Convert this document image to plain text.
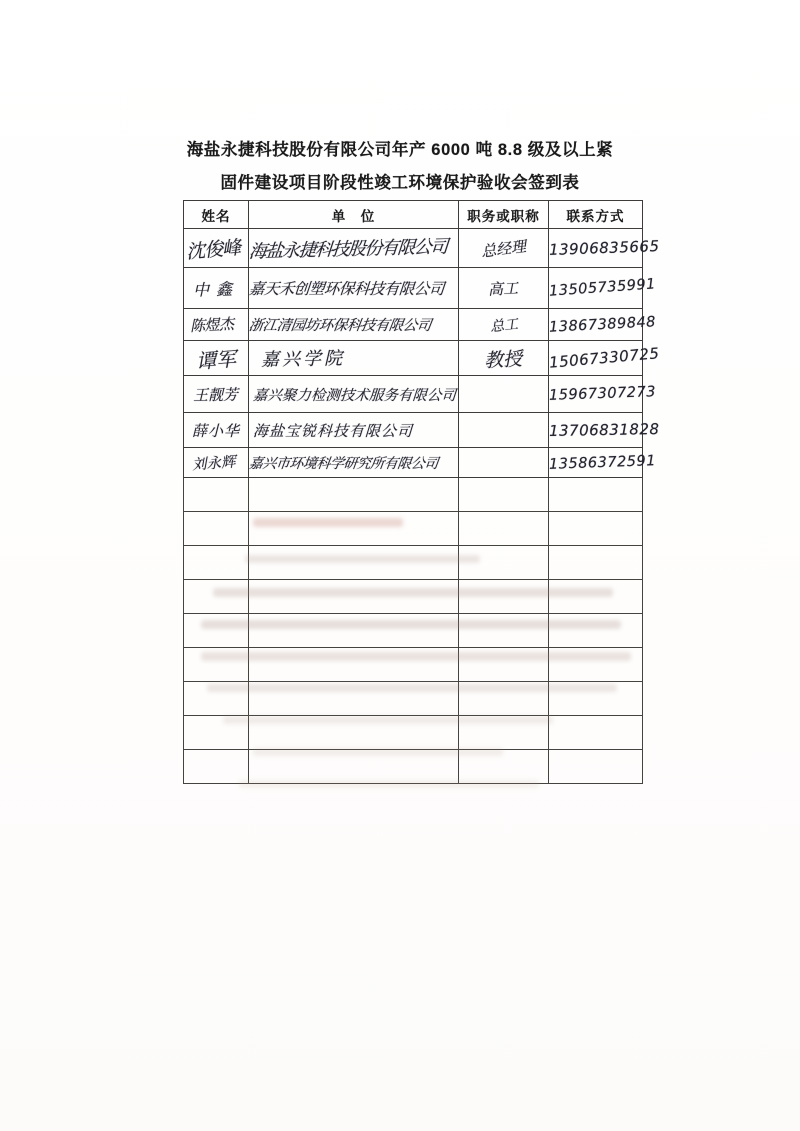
海盐永捷科技股份有限公司年产 6000 吨 8.8 级及以上紧
固件建设项目阶段性竣工环境保护验收会签到表
姓名	单　位	职务或职称	联系方式
沈俊峰	海盐永捷科技股份有限公司	总经理	13906835665
中鑫	嘉天禾创塑环保科技有限公司	高工	13505735991
陈煜杰	浙江清园坊环保科技有限公司	总工	13867389848
谭军	嘉兴学院	教授	15067330725
王靓芳	嘉兴聚力检测技术服务有限公司		15967307273
薛小华	海盐宝锐科技有限公司		13706831828
刘永辉	嘉兴市环境科学研究所有限公司		13586372591
